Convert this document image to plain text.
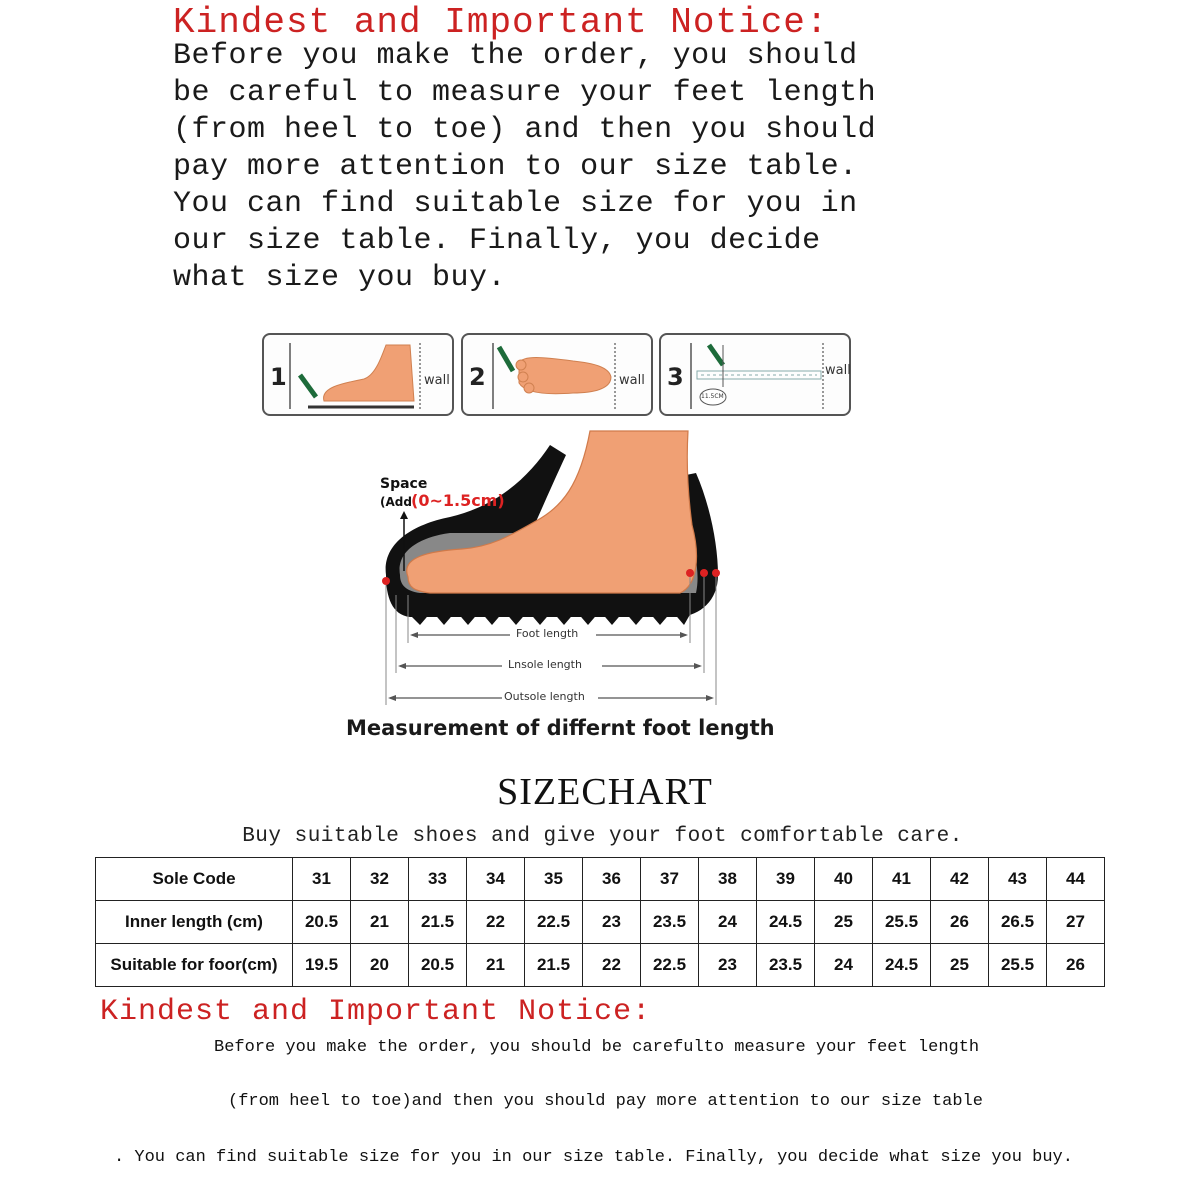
Kindest and Important Notice:
Before you make the order, you should
be careful to measure your feet length
(from heel to toe) and then you should
pay more attention to our size table.
You can find suitable size for you in
our size table. Finally, you decide
what size you buy.
1	wall 2	wall 3
11.5CM
wall
Space
(Add (0~1.5cm)
Foot length
Lnsole length
Outsole length
Measurement of differnt foot length
SIZECHART
Buy suitable shoes and give your foot comfortable care.
Sole Code	31	32	33	34	35	36	37	38	39	40	41	42	43	44
Inner length (cm)	20.5	21	21.5	22	22.5	23	23.5	24	24.5	25	25.5	26	26.5	27
Suitable for foor(cm)	19.5	20	20.5	21	21.5	22	22.5	23	23.5	24	24.5	25	25.5	26
Kindest and Important Notice:
Before you make the order, you should be carefulto measure your feet length
(from heel to toe)and then you should pay more attention to our size table
. You can find suitable size for you in our size table. Finally, you decide what size you buy.
